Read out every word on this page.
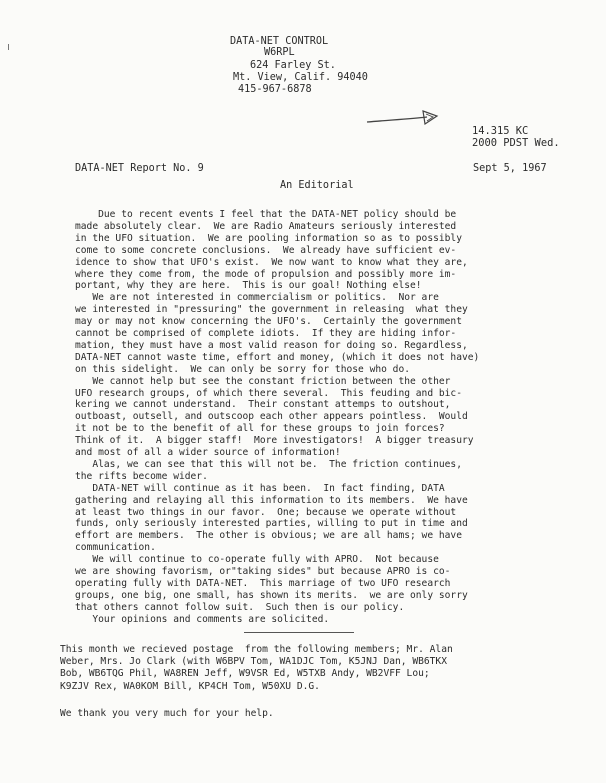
DATA-NET CONTROL
W6RPL
624 Farley St.
Mt. View, Calif. 94040
415-967-6878
14.315 KC
2000 PDST Wed.
DATA-NET Report No. 9	Sept 5, 1967
An Editorial
Due to recent events I feel that the DATA-NET policy should be
made absolutely clear.  We are Radio Amateurs seriously interested
in the UFO situation.  We are pooling information so as to possibly
come to some concrete conclusions.  We already have sufficient ev-
idence to show that UFO's exist.  We now want to know what they are,
where they come from, the mode of propulsion and possibly more im-
portant, why they are here.  This is our goal! Nothing else!
We are not interested in commercialism or politics.  Nor are
we interested in "pressuring" the government in releasing  what they
may or may not know concerning the UFO's.  Certainly the government
cannot be comprised of complete idiots.  If they are hiding infor-
mation, they must have a most valid reason for doing so. Regardless,
DATA-NET cannot waste time, effort and money, (which it does not have)
on this sidelight.  We can only be sorry for those who do.
We cannot help but see the constant friction between the other
UFO research groups, of which there several.  This feuding and bic-
kering we cannot understand.  Their constant attemps to outshout,
outboast, outsell, and outscoop each other appears pointless.  Would
it not be to the benefit of all for these groups to join forces?
Think of it.  A bigger staff!  More investigators!  A bigger treasury
and most of all a wider source of information!
Alas, we can see that this will not be.  The friction continues,
the rifts become wider.
DATA-NET will continue as it has been.  In fact finding, DATA
gathering and relaying all this information to its members.  We have
at least two things in our favor.  One; because we operate without
funds, only seriously interested parties, willing to put in time and
effort are members.  The other is obvious; we are all hams; we have
communication.
We will continue to co-operate fully with APRO.  Not because
we are showing favorism, or"taking sides" but because APRO is co-
operating fully with DATA-NET.  This marriage of two UFO research
groups, one big, one small, has shown its merits.  we are only sorry
that others cannot follow suit.  Such then is our policy.
Your opinions and comments are solicited.
This month we recieved postage  from the following members; Mr. Alan
Weber, Mrs. Jo Clark (with W6BPV Tom, WA1DJC Tom, K5JNJ Dan, WB6TKX
Bob, WB6TQG Phil, WA8REN Jeff, W9VSR Ed, W5TXB Andy, WB2VFF Lou;
K9ZJV Rex, WA0KOM Bill, KP4CH Tom, W50XU D.G.
We thank you very much for your help.
